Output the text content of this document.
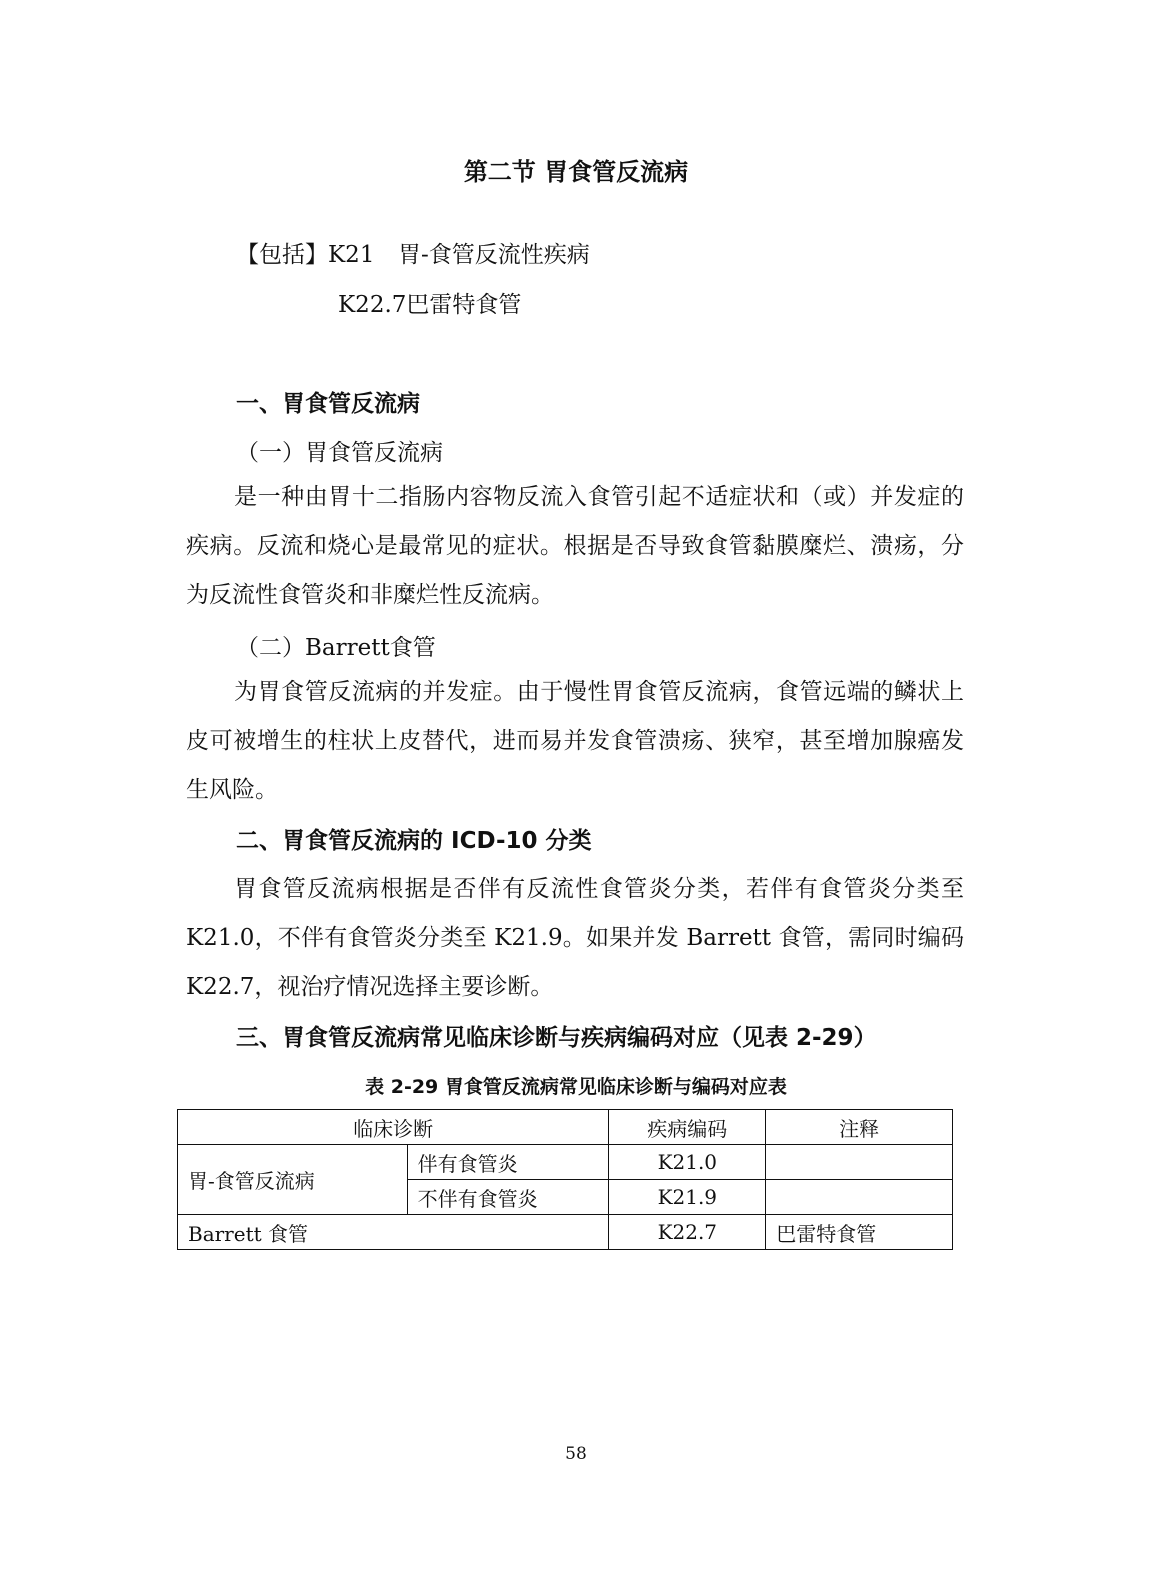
第二节 胃食管反流病
【包括】K21 胃-食管反流性疾病
K22.7巴雷特食管
一、胃食管反流病
（一）胃食管反流病

是一种由胃十二指肠内容物反流入食管引起不适症状和（或）并发症的疾病。反流和烧心是最常见的症状。根据是否导致食管黏膜糜烂、溃疡，分为反流性食管炎和非糜烂性反流病。

（二）Barrett食管

为胃食管反流病的并发症。由于慢性胃食管反流病，食管远端的鳞状上皮可被增生的柱状上皮替代，进而易并发食管溃疡、狭窄，甚至增加腺癌发生风险。

二、胃食管反流病的 ICD-10 分类

胃食管反流病根据是否伴有反流性食管炎分类，若伴有食管炎分类至 K21.0，不伴有食管炎分类至 K21.9。如果并发 Barrett 食管，需同时编码 K22.7，视治疗情况选择主要诊断。

三、胃食管反流病常见临床诊断与疾病编码对应（见表 2-29）
表 2-29 胃食管反流病常见临床诊断与编码对应表
临床诊断		疾病编码	注释
胃-食管反流病	伴有食管炎	K21.0	
	不伴有食管炎	K21.9	
Barrett 食管		K22.7	巴雷特食管
58
